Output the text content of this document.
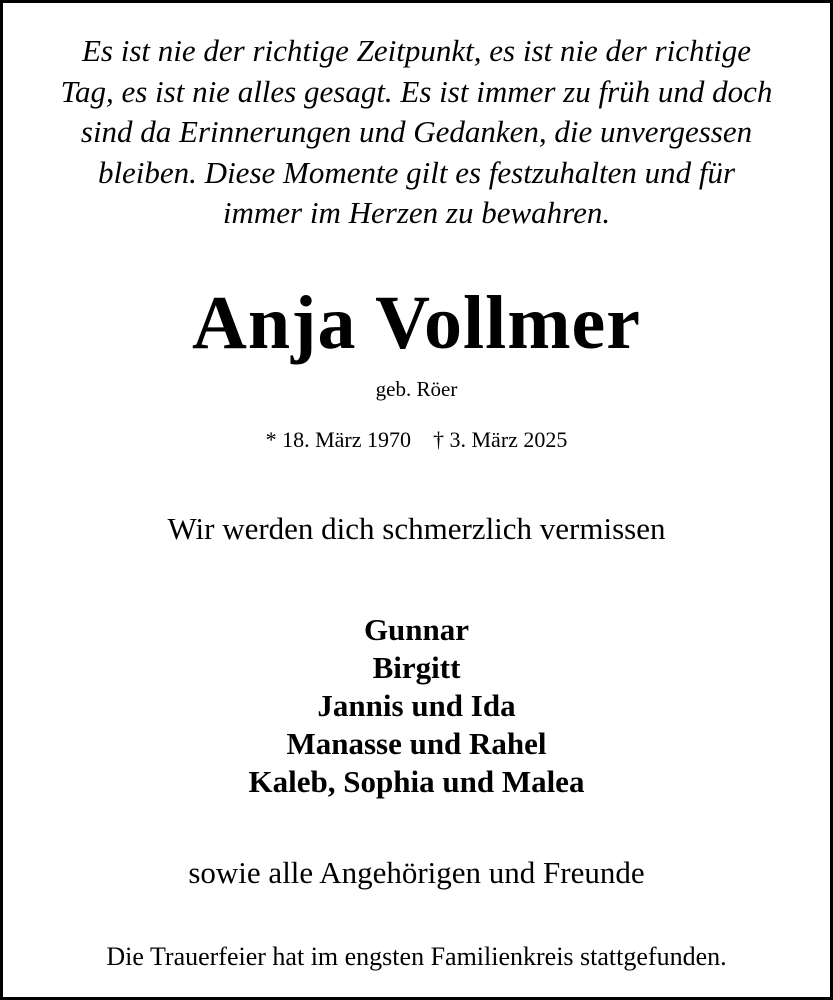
Es ist nie der richtige Zeitpunkt, es ist nie der richtige
Tag, es ist nie alles gesagt. Es ist immer zu früh und doch
sind da Erinnerungen und Gedanken, die unvergessen
bleiben. Diese Momente gilt es festzuhalten und für
immer im Herzen zu bewahren.

Anja Vollmer

geb. Röer

* 18. März 1970 † 3. März 2025

Wir werden dich schmerzlich vermissen

Gunnar
Birgitt
Jannis und Ida
Manasse und Rahel
Kaleb, Sophia und Malea

sowie alle Angehörigen und Freunde

Die Trauerfeier hat im engsten Familienkreis stattgefunden.
